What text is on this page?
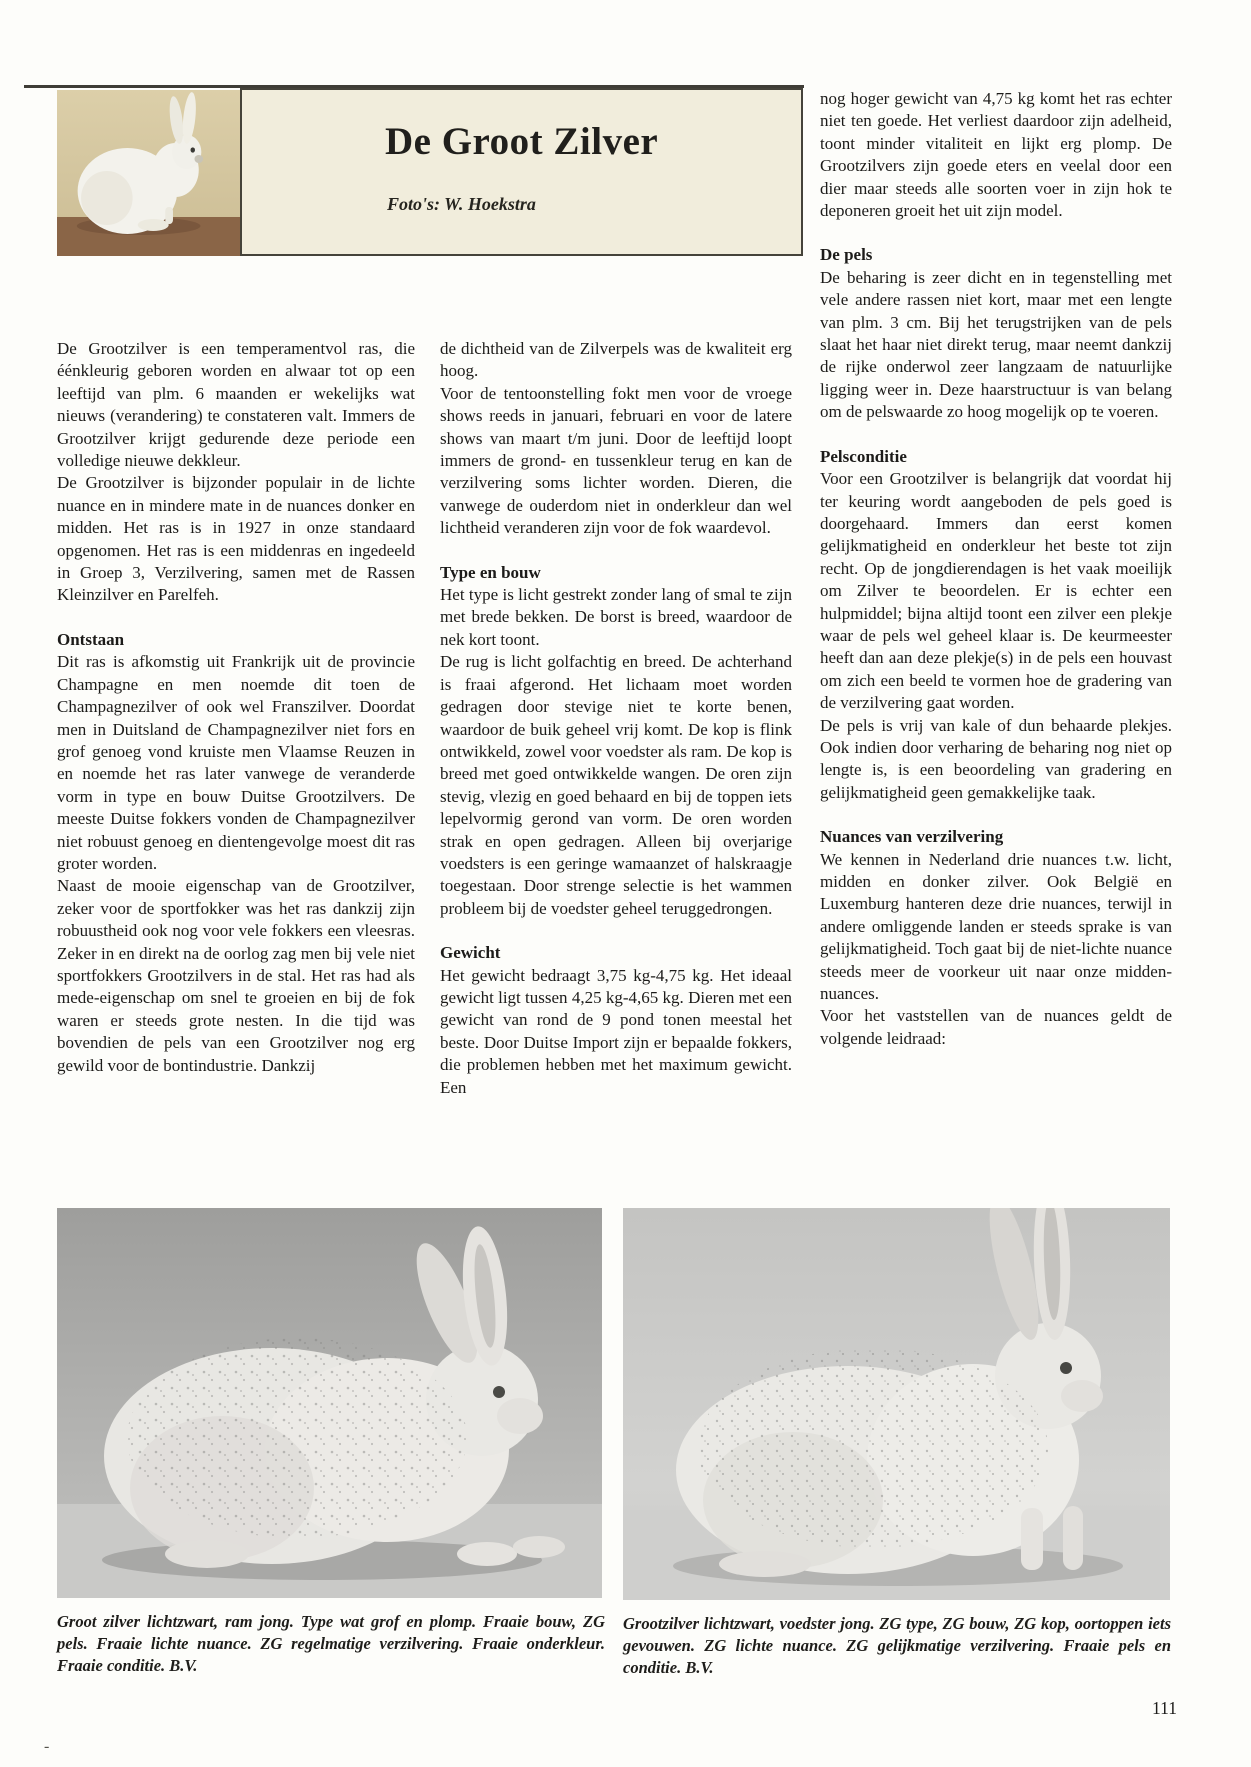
De Groot Zilver

Foto's: W. Hoekstra

De Grootzilver is een temperamentvol ras, die éénkleurig geboren worden en alwaar tot op een leeftijd van plm. 6 maanden er wekelijks wat nieuws (verandering) te constateren valt. Immers de Grootzilver krijgt gedurende deze periode een volledige nieuwe dekkleur.

De Grootzilver is bijzonder populair in de lichte nuance en in mindere mate in de nuances donker en midden. Het ras is in 1927 in onze standaard opgenomen. Het ras is een middenras en ingedeeld in Groep 3, Verzilvering, samen met de Rassen Kleinzilver en Parelfeh.

Ontstaan

Dit ras is afkomstig uit Frankrijk uit de provincie Champagne en men noemde dit toen de Champagnezilver of ook wel Franszilver. Doordat men in Duitsland de Champagnezilver niet fors en grof genoeg vond kruiste men Vlaamse Reuzen in en noemde het ras later vanwege de veranderde vorm in type en bouw Duitse Grootzilvers. De meeste Duitse fokkers vonden de Champagnezilver niet robuust genoeg en dientengevolge moest dit ras groter worden.

Naast de mooie eigenschap van de Grootzilver, zeker voor de sportfokker was het ras dankzij zijn robuustheid ook nog voor vele fokkers een vleesras. Zeker in en direkt na de oorlog zag men bij vele niet sportfokkers Grootzilvers in de stal. Het ras had als mede-eigenschap om snel te groeien en bij de fok waren er steeds grote nesten. In die tijd was bovendien de pels van een Grootzilver nog erg gewild voor de bontindustrie. Dankzij

de dichtheid van de Zilverpels was de kwaliteit erg hoog.

Voor de tentoonstelling fokt men voor de vroege shows reeds in januari, februari en voor de latere shows van maart t/m juni. Door de leeftijd loopt immers de grond- en tussenkleur terug en kan de verzilvering soms lichter worden. Dieren, die vanwege de ouderdom niet in onderkleur dan wel lichtheid veranderen zijn voor de fok waardevol.

Type en bouw

Het type is licht gestrekt zonder lang of smal te zijn met brede bekken. De borst is breed, waardoor de nek kort toont.

De rug is licht golfachtig en breed. De achterhand is fraai afgerond. Het lichaam moet worden gedragen door stevige niet te korte benen, waardoor de buik geheel vrij komt. De kop is flink ontwikkeld, zowel voor voedster als ram. De kop is breed met goed ontwikkelde wangen. De oren zijn stevig, vlezig en goed behaard en bij de toppen iets lepelvormig gerond van vorm. De oren worden strak en open gedragen. Alleen bij overjarige voedsters is een geringe wamaanzet of halskraagje toegestaan. Door strenge selectie is het wammen probleem bij de voedster geheel teruggedrongen.

Gewicht

Het gewicht bedraagt 3,75 kg-4,75 kg. Het ideaal gewicht ligt tussen 4,25 kg-4,65 kg. Dieren met een gewicht van rond de 9 pond tonen meestal het beste. Door Duitse Import zijn er bepaalde fokkers, die problemen hebben met het maximum gewicht. Een

nog hoger gewicht van 4,75 kg komt het ras echter niet ten goede. Het verliest daardoor zijn adelheid, toont minder vitaliteit en lijkt erg plomp. De Grootzilvers zijn goede eters en veelal door een dier maar steeds alle soorten voer in zijn hok te deponeren groeit het uit zijn model.

De pels

De beharing is zeer dicht en in tegenstelling met vele andere rassen niet kort, maar met een lengte van plm. 3 cm. Bij het terugstrijken van de pels slaat het haar niet direkt terug, maar neemt dankzij de rijke onderwol zeer langzaam de natuurlijke ligging weer in. Deze haarstructuur is van belang om de pelswaarde zo hoog mogelijk op te voeren.

Pelsconditie

Voor een Grootzilver is belangrijk dat voordat hij ter keuring wordt aangeboden de pels goed is doorgehaard. Immers dan eerst komen gelijkmatigheid en onderkleur het beste tot zijn recht. Op de jongdierendagen is het vaak moeilijk om Zilver te beoordelen. Er is echter een hulpmiddel; bijna altijd toont een zilver een plekje waar de pels wel geheel klaar is. De keurmeester heeft dan aan deze plekje(s) in de pels een houvast om zich een beeld te vormen hoe de gradering van de verzilvering gaat worden.

De pels is vrij van kale of dun behaarde plekjes. Ook indien door verharing de beharing nog niet op lengte is, is een beoordeling van gradering en gelijkmatigheid geen gemakkelijke taak.

Nuances van verzilvering

We kennen in Nederland drie nuances t.w. licht, midden en donker zilver. Ook België en Luxemburg hanteren deze drie nuances, terwijl in andere omliggende landen er steeds sprake is van gelijkmatigheid. Toch gaat bij de niet-lichte nuance steeds meer de voorkeur uit naar onze midden-nuances.

Voor het vaststellen van de nuances geldt de volgende leidraad:

Groot zilver lichtzwart, ram jong. Type wat grof en plomp. Fraaie bouw, ZG pels. Fraaie lichte nuance. ZG regelmatige verzilvering. Fraaie onderkleur. Fraaie conditie. B.V.

Grootzilver lichtzwart, voedster jong. ZG type, ZG bouw, ZG kop, oortoppen iets gevouwen. ZG lichte nuance. ZG gelijkmatige verzilvering. Fraaie pels en conditie. B.V.

111
-
